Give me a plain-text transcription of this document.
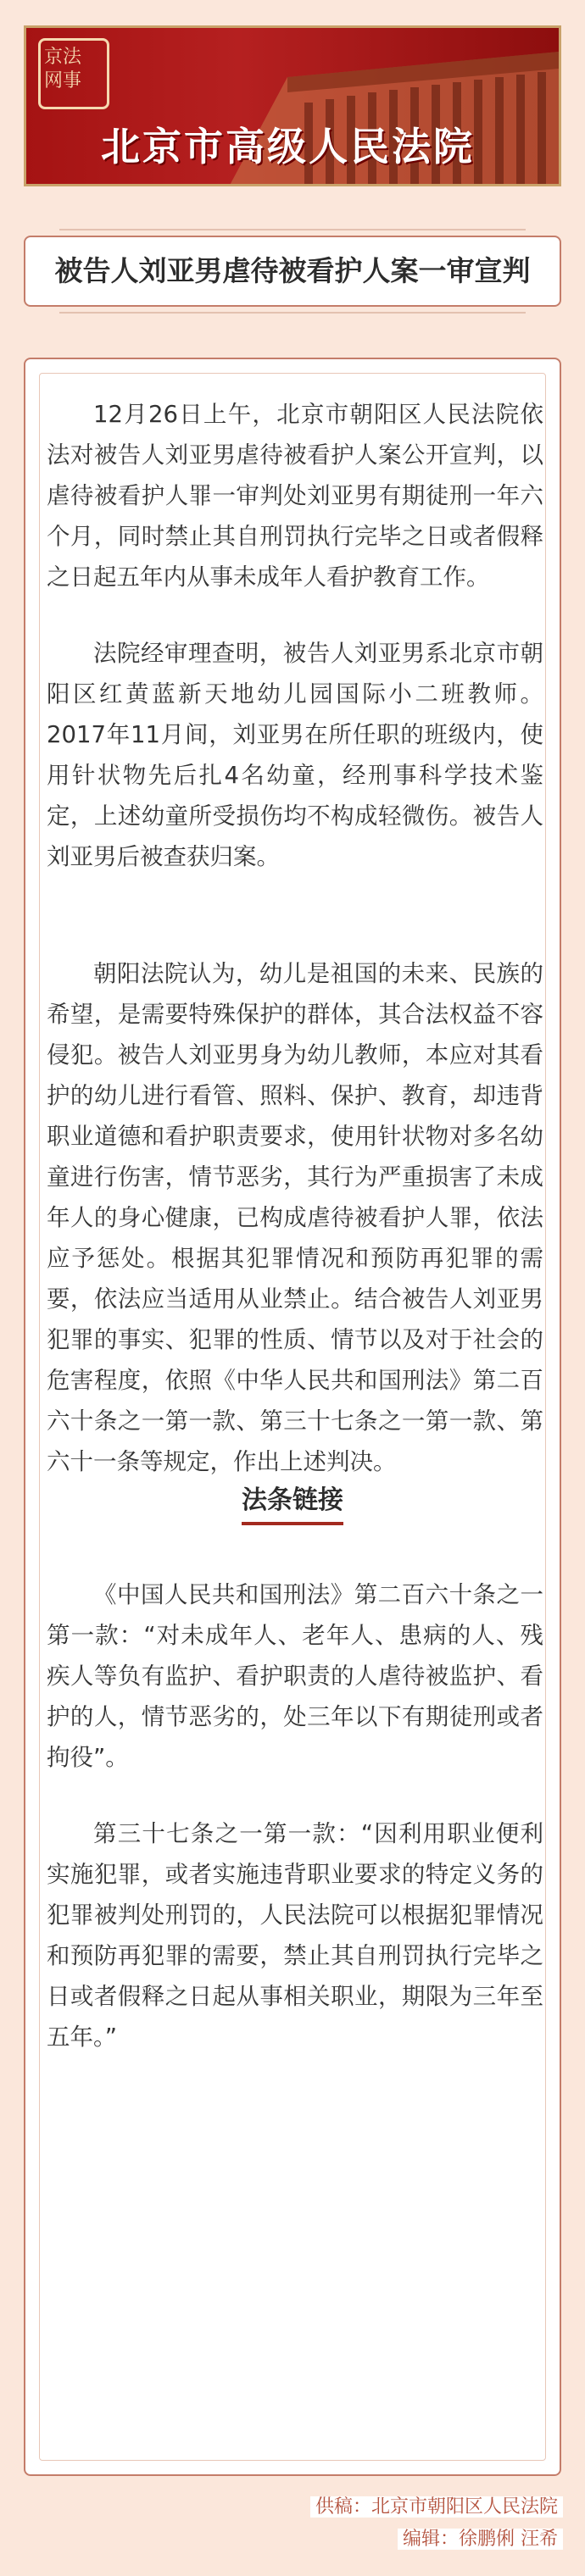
京法
网事
北京市高级人民法院
被告人刘亚男虐待被看护人案一审宣判

12月26日上午，北京市朝阳区人民法院依法对被告人刘亚男虐待被看护人案公开宣判，以虐待被看护人罪一审判处刘亚男有期徒刑一年六个月，同时禁止其自刑罚执行完毕之日或者假释之日起五年内从事未成年人看护教育工作。

法院经审理查明，被告人刘亚男系北京市朝阳区红黄蓝新天地幼儿园国际小二班教师。2017年11月间，刘亚男在所任职的班级内，使用针状物先后扎4名幼童，经刑事科学技术鉴定，上述幼童所受损伤均不构成轻微伤。被告人刘亚男后被查获归案。

朝阳法院认为，幼儿是祖国的未来、民族的希望，是需要特殊保护的群体，其合法权益不容侵犯。被告人刘亚男身为幼儿教师，本应对其看护的幼儿进行看管、照料、保护、教育，却违背职业道德和看护职责要求，使用针状物对多名幼童进行伤害，情节恶劣，其行为严重损害了未成年人的身心健康，已构成虐待被看护人罪，依法应予惩处。根据其犯罪情况和预防再犯罪的需要，依法应当适用从业禁止。结合被告人刘亚男犯罪的事实、犯罪的性质、情节以及对于社会的危害程度，依照《中华人民共和国刑法》第二百六十条之一第一款、第三十七条之一第一款、第六十一条等规定，作出上述判决。

法条链接

《中国人民共和国刑法》第二百六十条之一第一款：“对未成年人、老年人、患病的人、残疾人等负有监护、看护职责的人虐待被监护、看护的人，情节恶劣的，处三年以下有期徒刑或者拘役”。

第三十七条之一第一款：“因利用职业便利实施犯罪，或者实施违背职业要求的特定义务的犯罪被判处刑罚的，人民法院可以根据犯罪情况和预防再犯罪的需要，禁止其自刑罚执行完毕之日或者假释之日起从事相关职业，期限为三年至五年。”

供稿：北京市朝阳区人民法院
编辑：徐鹏俐 汪希
